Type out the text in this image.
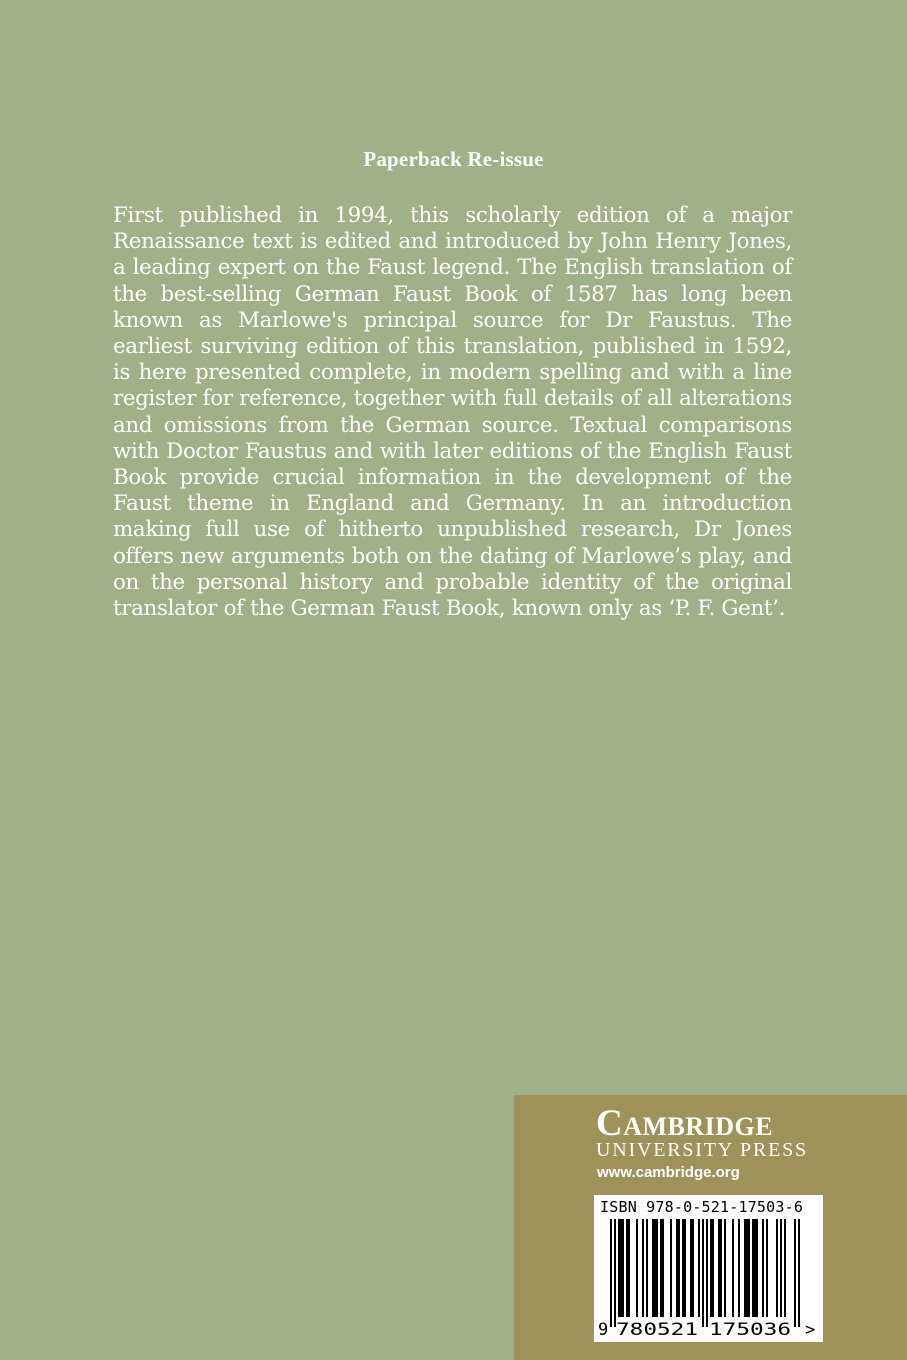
Paperback Re-issue

First published in 1994, this scholarly edition of a major Renaissance text is edited and introduced by John Henry Jones, a leading expert on the Faust legend. The English translation of the best-selling German Faust Book of 1587 has long been known as Marlowe's principal source for Dr Faustus. The earliest surviving edition of this translation, published in 1592, is here presented complete, in modern spelling and with a line register for reference, together with full details of all alterations and omissions from the German source. Textual comparisons with Doctor Faustus and with later editions of the English Faust Book provide crucial information in the development of the Faust theme in England and Germany. In an introduction making full use of hitherto unpublished research, Dr Jones offers new arguments both on the dating of Marlowe’s play, and on the personal history and probable identity of the original translator of the German Faust Book, known only as ‘P. F. Gent’.

Cambridge
UNIVERSITY PRESS
www.cambridge.org
ISBN 978-0-521-17503-6
9 780521 175036 >
